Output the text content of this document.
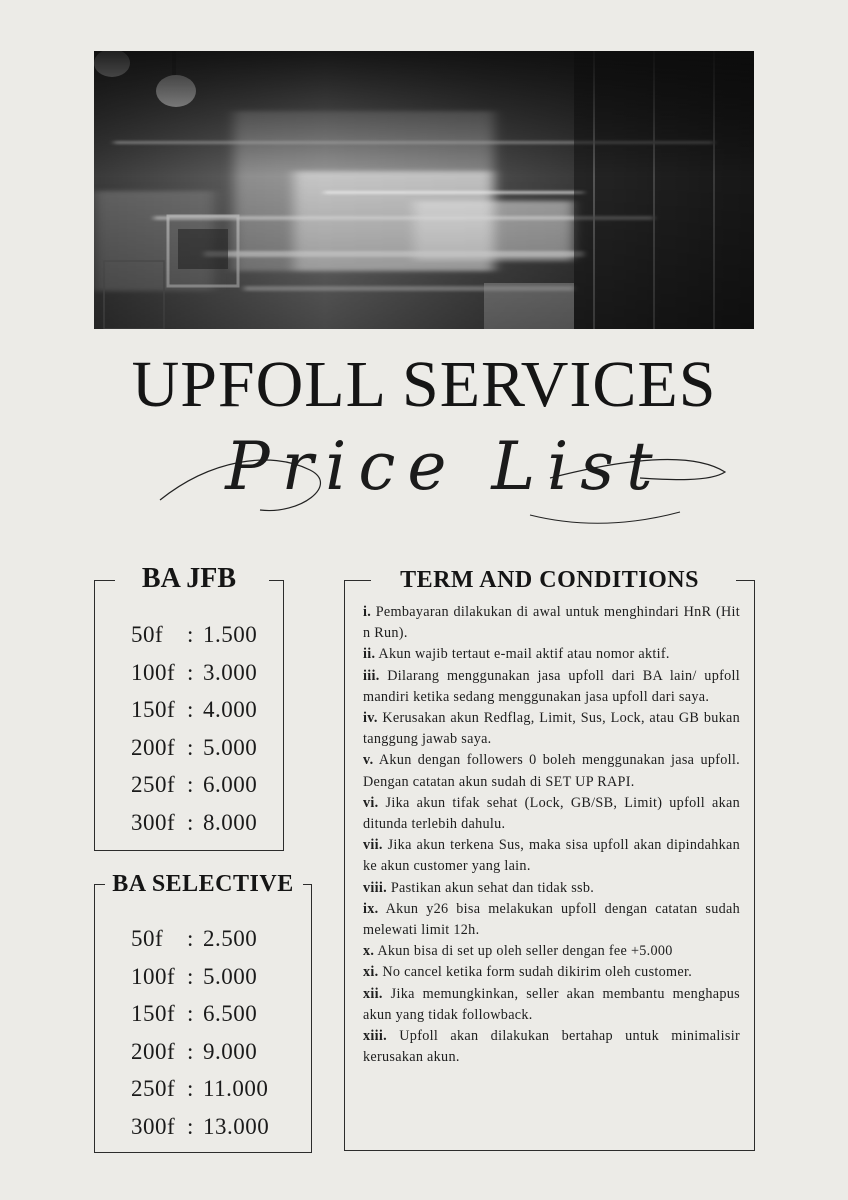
UPFOLL SERVICES
Price List
BA JFB
50f	: 1.500
100f : 3.000
150f : 4.000
200f : 5.000
250f : 6.000
300f : 8.000
BA SELECTIVE
50f	: 2.500
100f : 5.000
150f : 6.500
200f : 9.000
250f : 11.000
300f : 13.000
TERM AND CONDITIONS
i. Pembayaran dilakukan di awal untuk menghindari HnR (Hit n Run).
ii. Akun wajib tertaut e-mail aktif atau nomor aktif.
iii. Dilarang menggunakan jasa upfoll dari BA lain/ upfoll mandiri ketika sedang menggunakan jasa upfoll dari saya.
iv. Kerusakan akun Redflag, Limit, Sus, Lock, atau GB bukan tanggung jawab saya.
v. Akun dengan followers 0 boleh menggunakan jasa upfoll. Dengan catatan akun sudah di SET UP RAPI.
vi. Jika akun tifak sehat (Lock, GB/SB, Limit) upfoll akan ditunda terlebih dahulu.
vii. Jika akun terkena Sus, maka sisa upfoll akan dipindahkan ke akun customer yang lain.
viii. Pastikan akun sehat dan tidak ssb.
ix. Akun y26 bisa melakukan upfoll dengan catatan sudah melewati limit 12h.
x. Akun bisa di set up oleh seller dengan fee +5.000
xi. No cancel ketika form sudah dikirim oleh customer.
xii. Jika memungkinkan, seller akan membantu menghapus akun yang tidak followback.
xiii. Upfoll akan dilakukan bertahap untuk minimalisir kerusakan akun.
